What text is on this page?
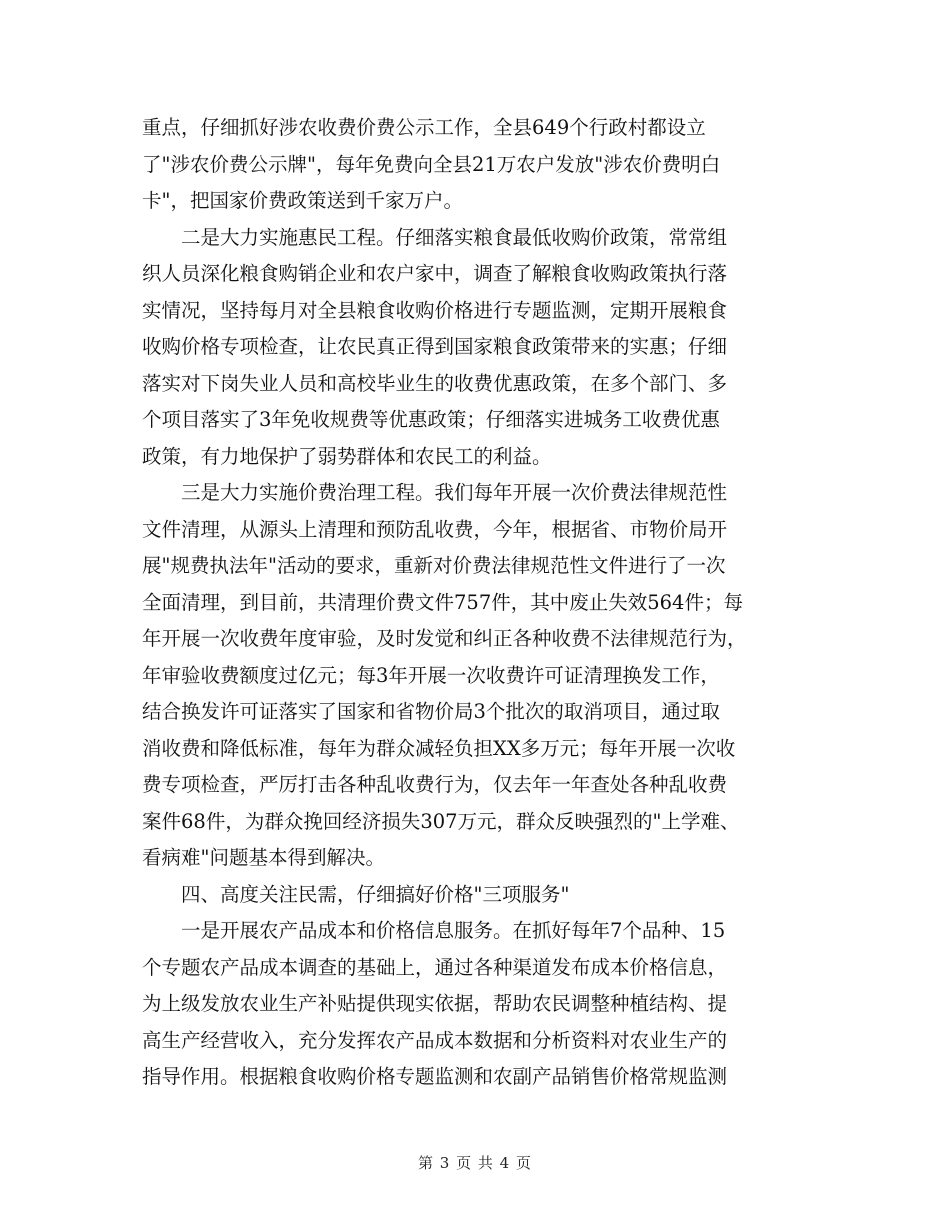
重点，仔细抓好涉农收费价费公示工作，全县649个行政村都设立
了"涉农价费公示牌"，每年免费向全县21万农户发放"涉农价费明白
卡"，把国家价费政策送到千家万户。
　　二是大力实施惠民工程。仔细落实粮食最低收购价政策，常常组
织人员深化粮食购销企业和农户家中，调查了解粮食收购政策执行落
实情况，坚持每月对全县粮食收购价格进行专题监测，定期开展粮食
收购价格专项检查，让农民真正得到国家粮食政策带来的实惠；仔细
落实对下岗失业人员和高校毕业生的收费优惠政策，在多个部门、多
个项目落实了3年免收规费等优惠政策；仔细落实进城务工收费优惠
政策，有力地保护了弱势群体和农民工的利益。
　　三是大力实施价费治理工程。我们每年开展一次价费法律规范性
文件清理，从源头上清理和预防乱收费，今年，根据省、市物价局开
展"规费执法年"活动的要求，重新对价费法律规范性文件进行了一次
全面清理，到目前，共清理价费文件757件，其中废止失效564件；每
年开展一次收费年度审验，及时发觉和纠正各种收费不法律规范行为，
年审验收费额度过亿元；每3年开展一次收费许可证清理换发工作，
结合换发许可证落实了国家和省物价局3个批次的取消项目，通过取
消收费和降低标准，每年为群众减轻负担XX多万元；每年开展一次收
费专项检查，严厉打击各种乱收费行为，仅去年一年查处各种乱收费
案件68件，为群众挽回经济损失307万元，群众反映强烈的"上学难、
看病难"问题基本得到解决。
　　四、高度关注民需，仔细搞好价格"三项服务"
　　一是开展农产品成本和价格信息服务。在抓好每年7个品种、15
个专题农产品成本调查的基础上，通过各种渠道发布成本价格信息，
为上级发放农业生产补贴提供现实依据，帮助农民调整种植结构、提
高生产经营收入，充分发挥农产品成本数据和分析资料对农业生产的
指导作用。根据粮食收购价格专题监测和农副产品销售价格常规监测
第 3 页 共 4 页
